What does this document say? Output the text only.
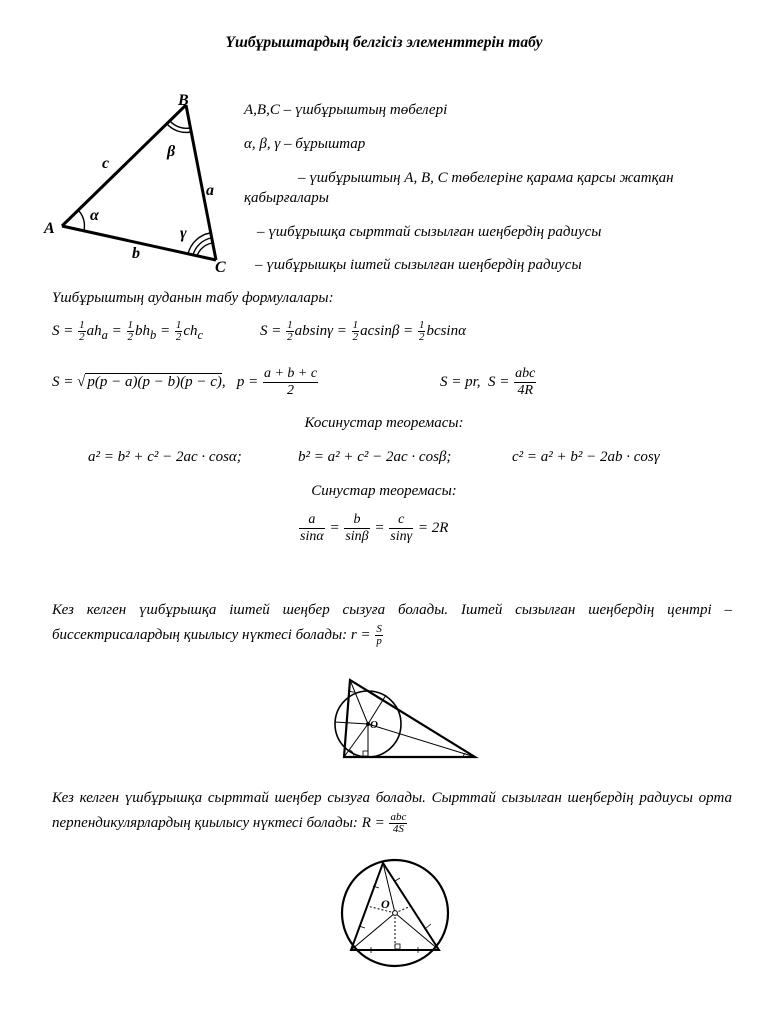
Үшбұрыштардың белгісіз элементтерін табу
A
B
C
a
b
c
α
β
γ
A,B,C – үшбұрыштың төбелері
α, β, γ – бұрыштар
– үшбұрыштың A, B, C төбелеріне қарама қарсы жатқан
қабырғалары
– үшбұрышқа сырттай сызылған шеңбердің радиусы
– үшбұрышқы іштей сызылған шеңбердің радиусы
Үшбұрыштың ауданын табу формулалары:
$S = \frac{1}{2} ah_a = \frac{1}{2} bh_b = \frac{1}{2} ch_c$	$S = \frac{1}{2}$ $absin\gamma = \frac{1}{2}$ $acsin\beta = \frac{1}{2}$ bcsinα
S = √ p(p − a)(p − b)(p − c),   $p = \frac{a + b + c}{2}$	S = pr,  S =
abc
4R
Косинустар теоремасы:
a² = b² + c² − 2ac · cosα;	b² = a² + c² − 2ac · cosβ;	c² = a² + b² − 2ab · cosγ
Синустар теоремасы:
$\frac{a}{\sin\alpha} = \frac{b}{\sin\beta} = \frac{c}{\sin\gamma} = 2R$
Кез келген үшбұрышқа іштей шеңбер сызуға болады. Іштей сызылған шеңбердің центрі – биссектрисалардың қиылысу нүктесі болады: $r = \frac{S}{p}$
O
Кез келген үшбұрышқа сырттай шеңбер сызуға болады. Сырттай сызылған шеңбердің радиусы орта перпендикулярлардың қиылысу нүктесі болады: R = abc
4S
O
